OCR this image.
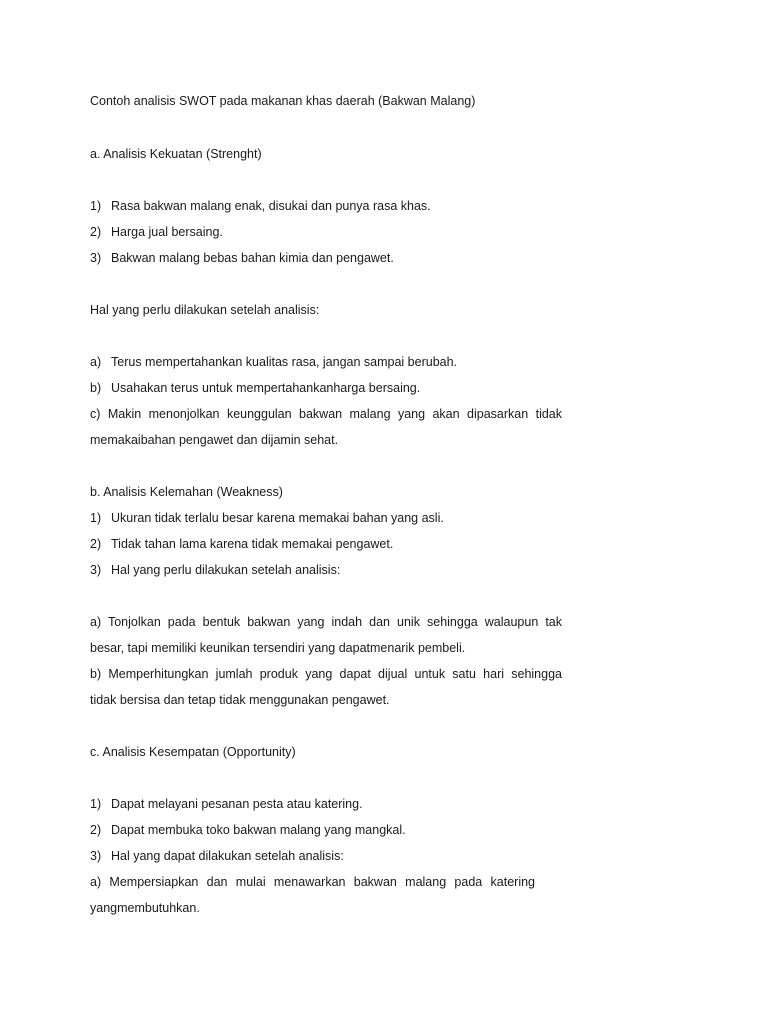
Contoh analisis SWOT pada makanan khas daerah (Bakwan Malang)
a. Analisis Kekuatan (Strenght)
1) Rasa bakwan malang enak, disukai dan punya rasa khas.
2) Harga jual bersaing.
3) Bakwan malang bebas bahan kimia dan pengawet.
Hal yang perlu dilakukan setelah analisis:
a) Terus mempertahankan kualitas rasa, jangan sampai berubah.
b) Usahakan terus untuk mempertahankanharga bersaing.
c) Makin menonjolkan keunggulan bakwan malang yang akan dipasarkan tidak
memakaibahan pengawet dan dijamin sehat.
b. Analisis Kelemahan (Weakness)
1) Ukuran tidak terlalu besar karena memakai bahan yang asli.
2) Tidak tahan lama karena tidak memakai pengawet.
3) Hal yang perlu dilakukan setelah analisis:
a) Tonjolkan pada bentuk bakwan yang indah dan unik sehingga walaupun tak
besar, tapi memiliki keunikan tersendiri yang dapatmenarik pembeli.
b) Memperhitungkan jumlah produk yang dapat dijual untuk satu hari sehingga
tidak bersisa dan tetap tidak menggunakan pengawet.
c. Analisis Kesempatan (Opportunity)
1) Dapat melayani pesanan pesta atau katering.
2) Dapat membuka toko bakwan malang yang mangkal.
3) Hal yang dapat dilakukan setelah analisis:
a) Mempersiapkan dan mulai menawarkan bakwan malang pada katering
yangmembutuhkan.
